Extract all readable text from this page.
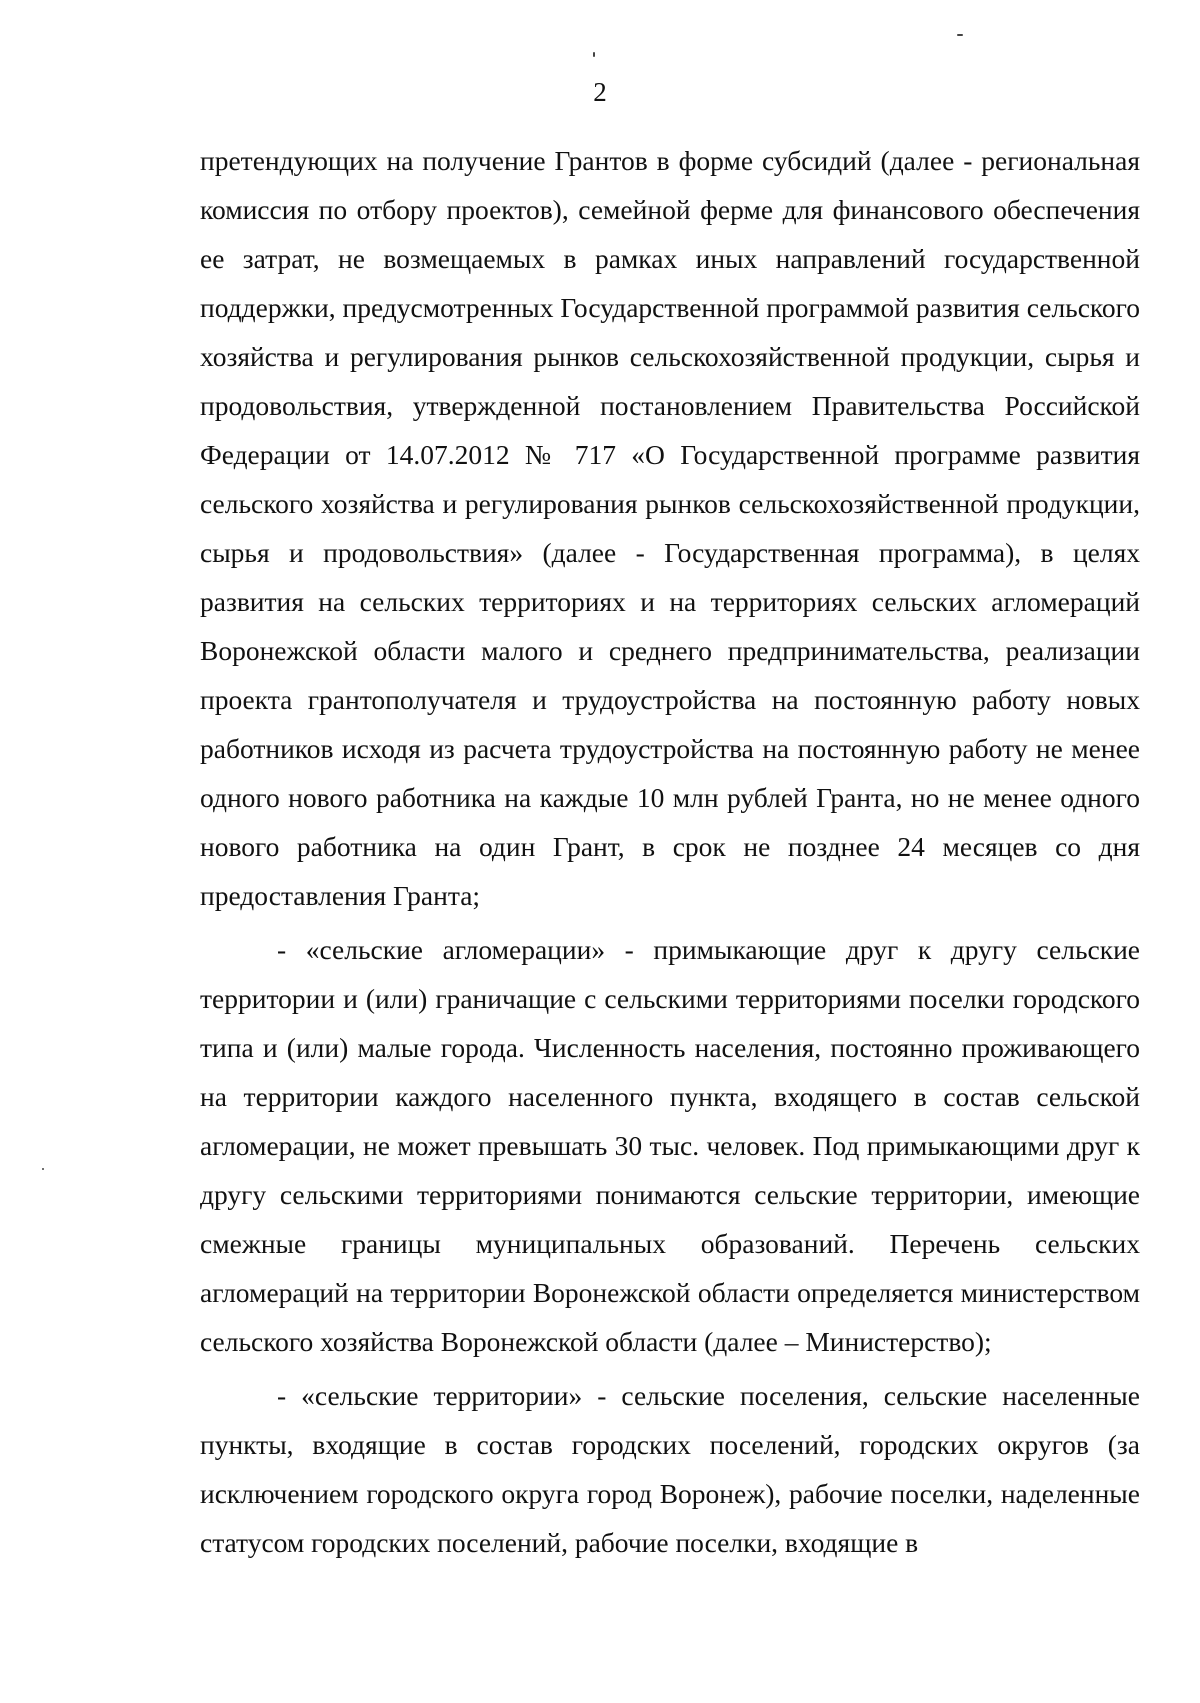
2

претендующих на получение Грантов в форме субсидий (далее - региональная комиссия по отбору проектов), семейной ферме для финансового обеспечения ее затрат, не возмещаемых в рамках иных направлений государственной поддержки, предусмотренных Государственной программой развития сельского хозяйства и регулирования рынков сельскохозяйственной продукции, сырья и продовольствия, утвержденной постановлением Правительства Российской Федерации от 14.07.2012 № 717 «О Государственной программе развития сельского хозяйства и регулирования рынков сельскохозяйственной продукции, сырья и продовольствия» (далее - Государственная программа), в целях развития на сельских территориях и на территориях сельских агломераций Воронежской области малого и среднего предпринимательства, реализации проекта грантополучателя и трудоустройства на постоянную работу новых работников исходя из расчета трудоустройства на постоянную работу не менее одного нового работника на каждые 10 млн рублей Гранта, но не менее одного нового работника на один Грант, в срок не позднее 24 месяцев со дня предоставления Гранта;

- «сельские агломерации» - примыкающие друг к другу сельские территории и (или) граничащие с сельскими территориями поселки городского типа и (или) малые города. Численность населения, постоянно проживающего на территории каждого населенного пункта, входящего в состав сельской агломерации, не может превышать 30 тыс. человек. Под примыкающими друг к другу сельскими территориями понимаются сельские территории, имеющие смежные границы муниципальных образований. Перечень сельских агломераций на территории Воронежской области определяется министерством сельского хозяйства Воронежской области (далее – Министерство);

- «сельские территории» - сельские поселения, сельские населенные пункты, входящие в состав городских поселений, городских округов (за исключением городского округа город Воронеж), рабочие поселки, наделенные статусом городских поселений, рабочие поселки, входящие в
